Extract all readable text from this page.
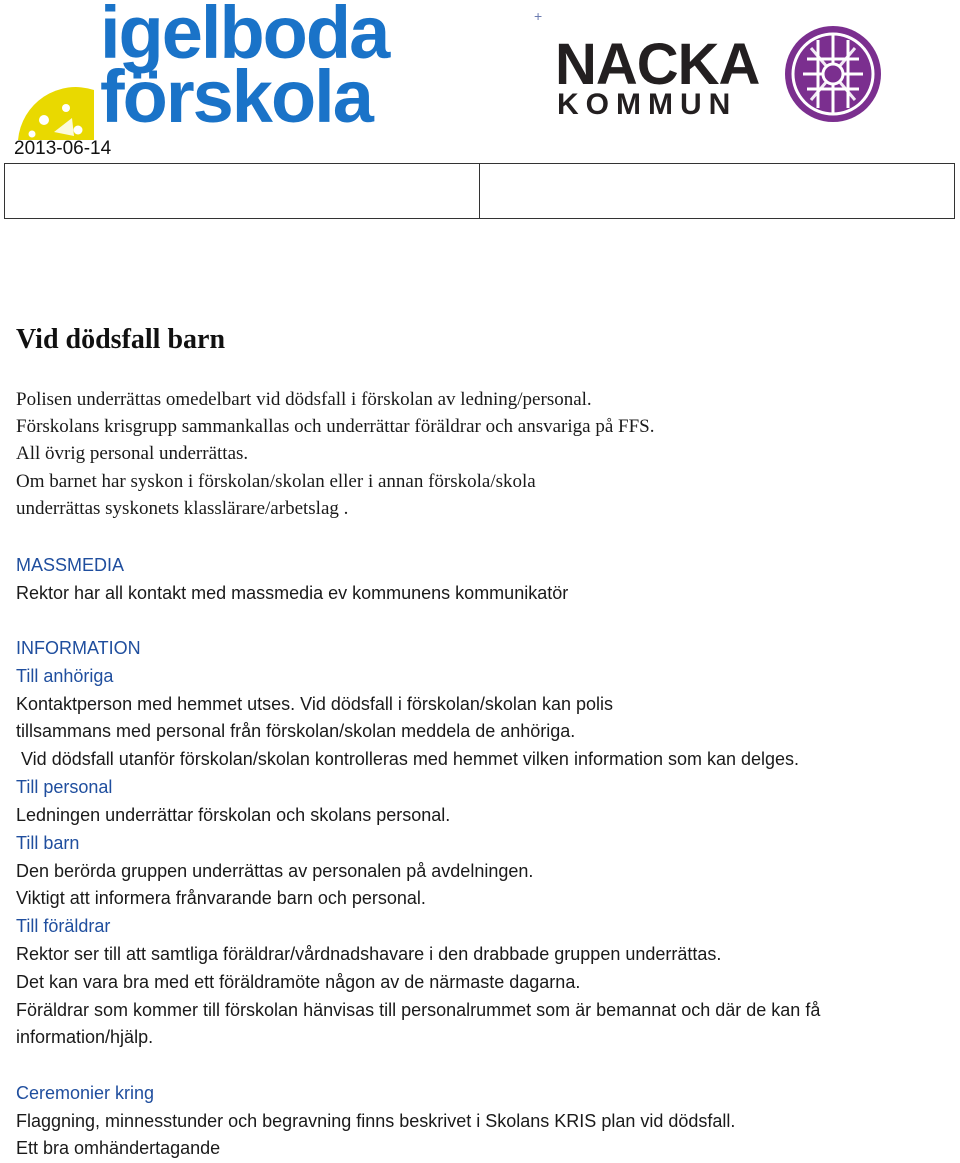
igelboda
förskola
+
NACKA
KOMMUN
2013-06-14
Vid dödsfall barn
Polisen underrättas omedelbart vid dödsfall i förskolan av ledning/personal.
Förskolans krisgrupp sammankallas och underrättar föräldrar och ansvariga på FFS.
All övrig personal underrättas.
Om barnet har syskon i förskolan/skolan eller i annan förskola/skola
underrättas syskonets klasslärare/arbetslag .
MASSMEDIA
Rektor har all kontakt med massmedia ev kommunens kommunikatör
INFORMATION
Till anhöriga
Kontaktperson med hemmet utses. Vid dödsfall i förskolan/skolan kan polis
tillsammans med personal från förskolan/skolan meddela de anhöriga.
Vid dödsfall utanför förskolan/skolan kontrolleras med hemmet vilken information som kan delges.
Till personal
Ledningen underrättar förskolan och skolans personal.
Till barn
Den berörda gruppen underrättas av personalen på avdelningen.
Viktigt att informera frånvarande barn och personal.
Till föräldrar
Rektor ser till att samtliga föräldrar/vårdnadshavare i den drabbade gruppen underrättas.
Det kan vara bra med ett föräldramöte någon av de närmaste dagarna.
Föräldrar som kommer till förskolan hänvisas till personalrummet som är bemannat och där de kan få
information/hjälp.
Ceremonier kring
Flaggning, minnesstunder och begravning finns beskrivet i Skolans KRIS plan vid dödsfall.
Ett bra omhändertagande
